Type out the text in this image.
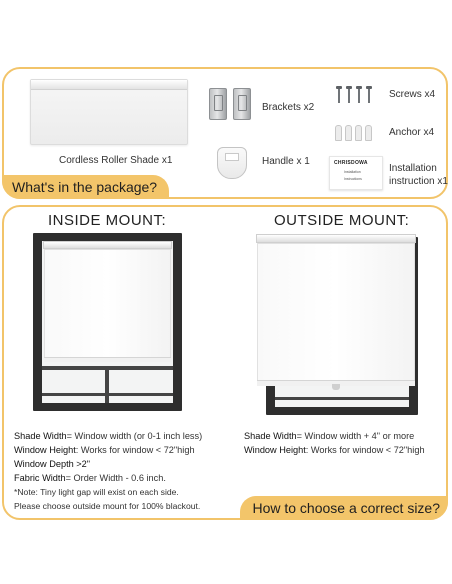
Cordless Roller Shade x1
Brackets x2
Screws x4
Anchor x4
Handle x 1	CHRISDOWA
Installation
Instructions
Installation instruction x1
What's in the package?
INSIDE MOUNT:
Shade Width= Window width (or 0-1 inch less)
Window Height: Works for window < 72"high
Window Depth >2"
Fabric Width= Order Width - 0.6 inch.
*Note: Tiny light gap will exist on each side.
Please choose outside mount for 100% blackout.
OUTSIDE MOUNT:
Shade Width= Window width + 4" or more
Window Height: Works for window < 72"high
How to choose a correct size?
